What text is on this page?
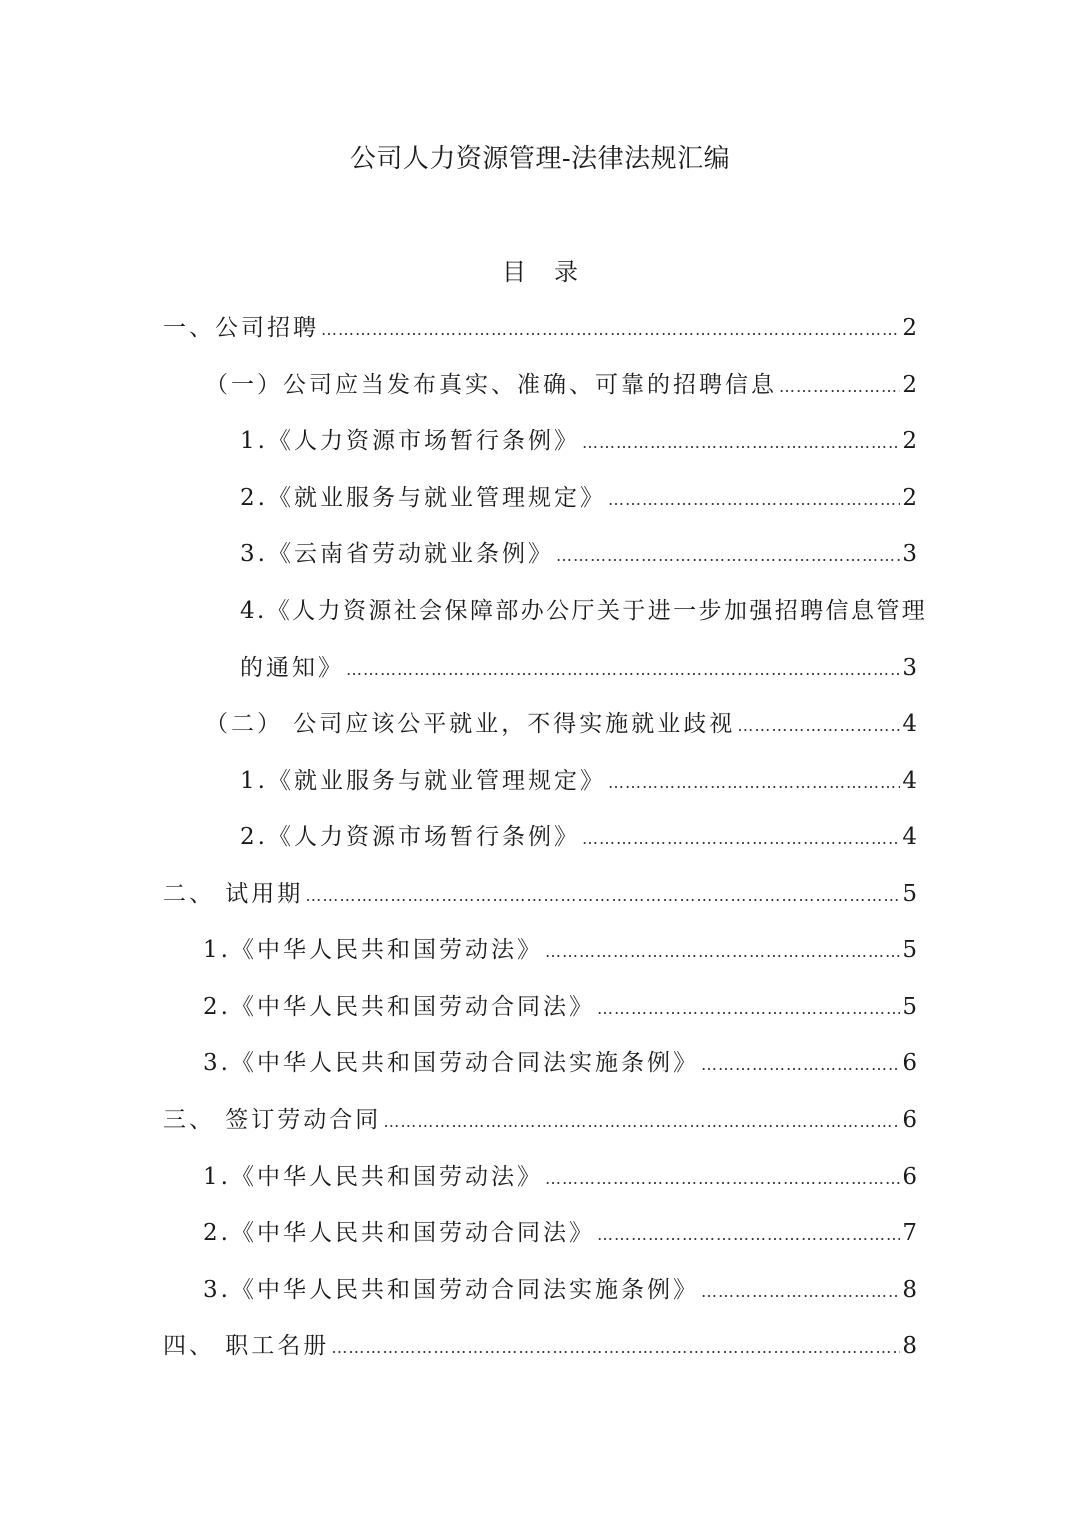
公司人力资源管理-法律法规汇编
目录
一、公司招聘 ……………………………………………………………………………………………………………………………………………………………………………………………………………………………………………………………………	2
（一）公司应当发布真实、准确、可靠的招聘信息 ……………………………………………………………………………………………………………………………………………………………………………………………………………………………………………………………………	2
1.《人力资源市场暂行条例》 ……………………………………………………………………………………………………………………………………………………………………………………………………………………………………………………………………	2
2.《就业服务与就业管理规定》 ……………………………………………………………………………………………………………………………………………………………………………………………………………………………………………………………………	2
3.《云南省劳动就业条例》 ……………………………………………………………………………………………………………………………………………………………………………………………………………………………………………………………………	3
4.《人力资源社会保障部办公厅关于进一步加强招聘信息管理
的通知》 ……………………………………………………………………………………………………………………………………………………………………………………………………………………………………………………………………	3
（二） 公司应该公平就业，不得实施就业歧视 ……………………………………………………………………………………………………………………………………………………………………………………………………………………………………………………………………	4
1.《就业服务与就业管理规定》 ……………………………………………………………………………………………………………………………………………………………………………………………………………………………………………………………………	4
2.《人力资源市场暂行条例》 ……………………………………………………………………………………………………………………………………………………………………………………………………………………………………………………………………	4
二、 试用期 ……………………………………………………………………………………………………………………………………………………………………………………………………………………………………………………………………	5
1.《中华人民共和国劳动法》 ……………………………………………………………………………………………………………………………………………………………………………………………………………………………………………………………………	5
2.《中华人民共和国劳动合同法》 ……………………………………………………………………………………………………………………………………………………………………………………………………………………………………………………………………	5
3.《中华人民共和国劳动合同法实施条例》 ……………………………………………………………………………………………………………………………………………………………………………………………………………………………………………………………………	6
三、 签订劳动合同 ……………………………………………………………………………………………………………………………………………………………………………………………………………………………………………………………………	6
1.《中华人民共和国劳动法》 ……………………………………………………………………………………………………………………………………………………………………………………………………………………………………………………………………	6
2.《中华人民共和国劳动合同法》 ……………………………………………………………………………………………………………………………………………………………………………………………………………………………………………………………………	7
3.《中华人民共和国劳动合同法实施条例》 ……………………………………………………………………………………………………………………………………………………………………………………………………………………………………………………………………	8
四、 职工名册 ……………………………………………………………………………………………………………………………………………………………………………………………………………………………………………………………………	8
